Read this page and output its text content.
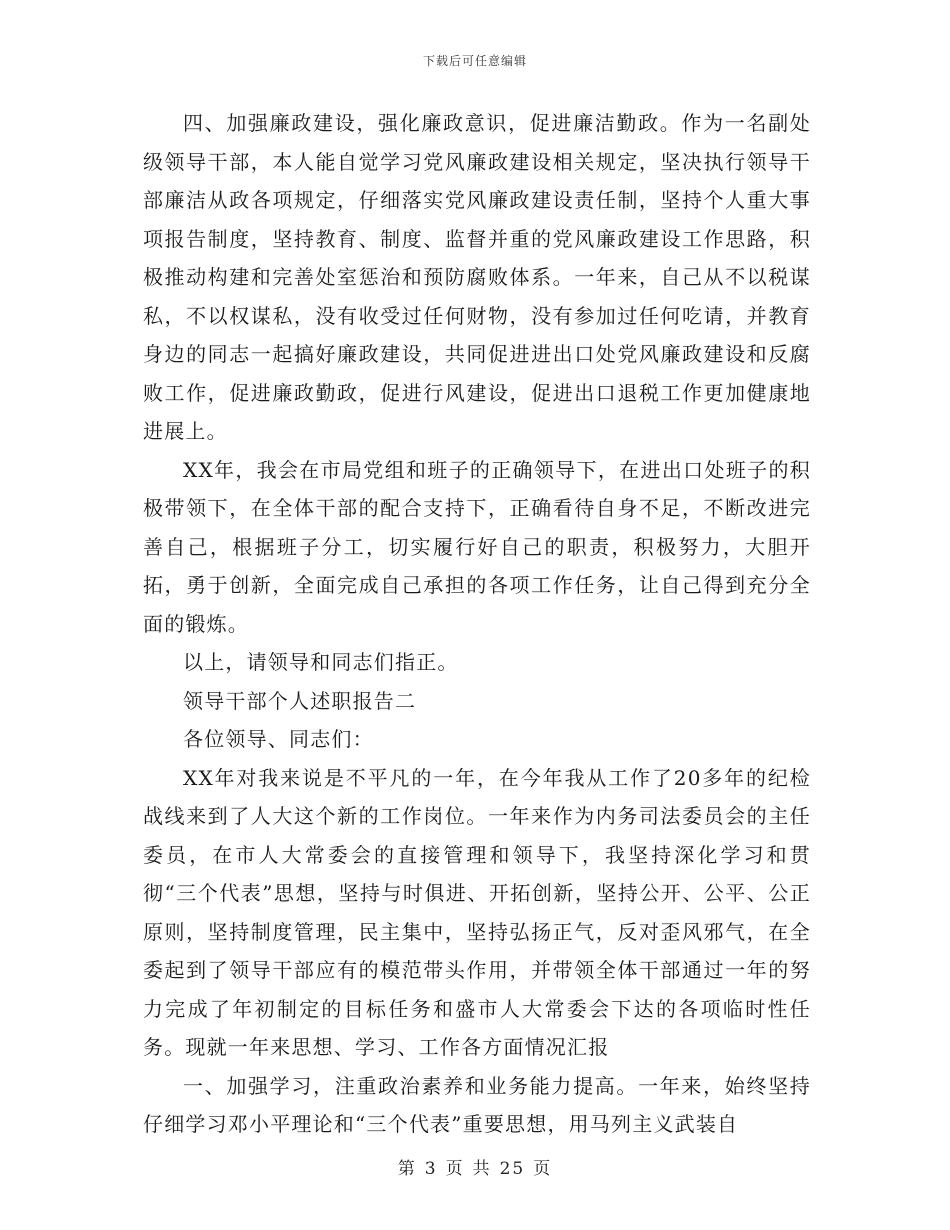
下载后可任意编辑

四、加强廉政建设，强化廉政意识，促进廉洁勤政。作为一名副处级领导干部，本人能自觉学习党风廉政建设相关规定，坚决执行领导干部廉洁从政各项规定，仔细落实党风廉政建设责任制，坚持个人重大事项报告制度，坚持教育、制度、监督并重的党风廉政建设工作思路，积极推动构建和完善处室惩治和预防腐败体系。一年来，自己从不以税谋私，不以权谋私，没有收受过任何财物，没有参加过任何吃请，并教育身边的同志一起搞好廉政建设，共同促进进出口处党风廉政建设和反腐败工作，促进廉政勤政，促进行风建设，促进出口退税工作更加健康地进展上。

XX年，我会在市局党组和班子的正确领导下，在进出口处班子的积极带领下，在全体干部的配合支持下，正确看待自身不足，不断改进完善自己，根据班子分工，切实履行好自己的职责，积极努力，大胆开拓，勇于创新，全面完成自己承担的各项工作任务，让自己得到充分全面的锻炼。

以上，请领导和同志们指正。

领导干部个人述职报告二

各位领导、同志们：

XX年对我来说是不平凡的一年，在今年我从工作了20多年的纪检战线来到了人大这个新的工作岗位。一年来作为内务司法委员会的主任委员，在市人大常委会的直接管理和领导下，我坚持深化学习和贯彻“三个代表”思想，坚持与时俱进、开拓创新，坚持公开、公平、公正原则，坚持制度管理，民主集中，坚持弘扬正气，反对歪风邪气，在全委起到了领导干部应有的模范带头作用，并带领全体干部通过一年的努力完成了年初制定的目标任务和盛市人大常委会下达的各项临时性任务。现就一年来思想、学习、工作各方面情况汇报

一、加强学习，注重政治素养和业务能力提高。一年来，始终坚持仔细学习邓小平理论和“三个代表”重要思想，用马列主义武装自

第 3 页 共 25 页
